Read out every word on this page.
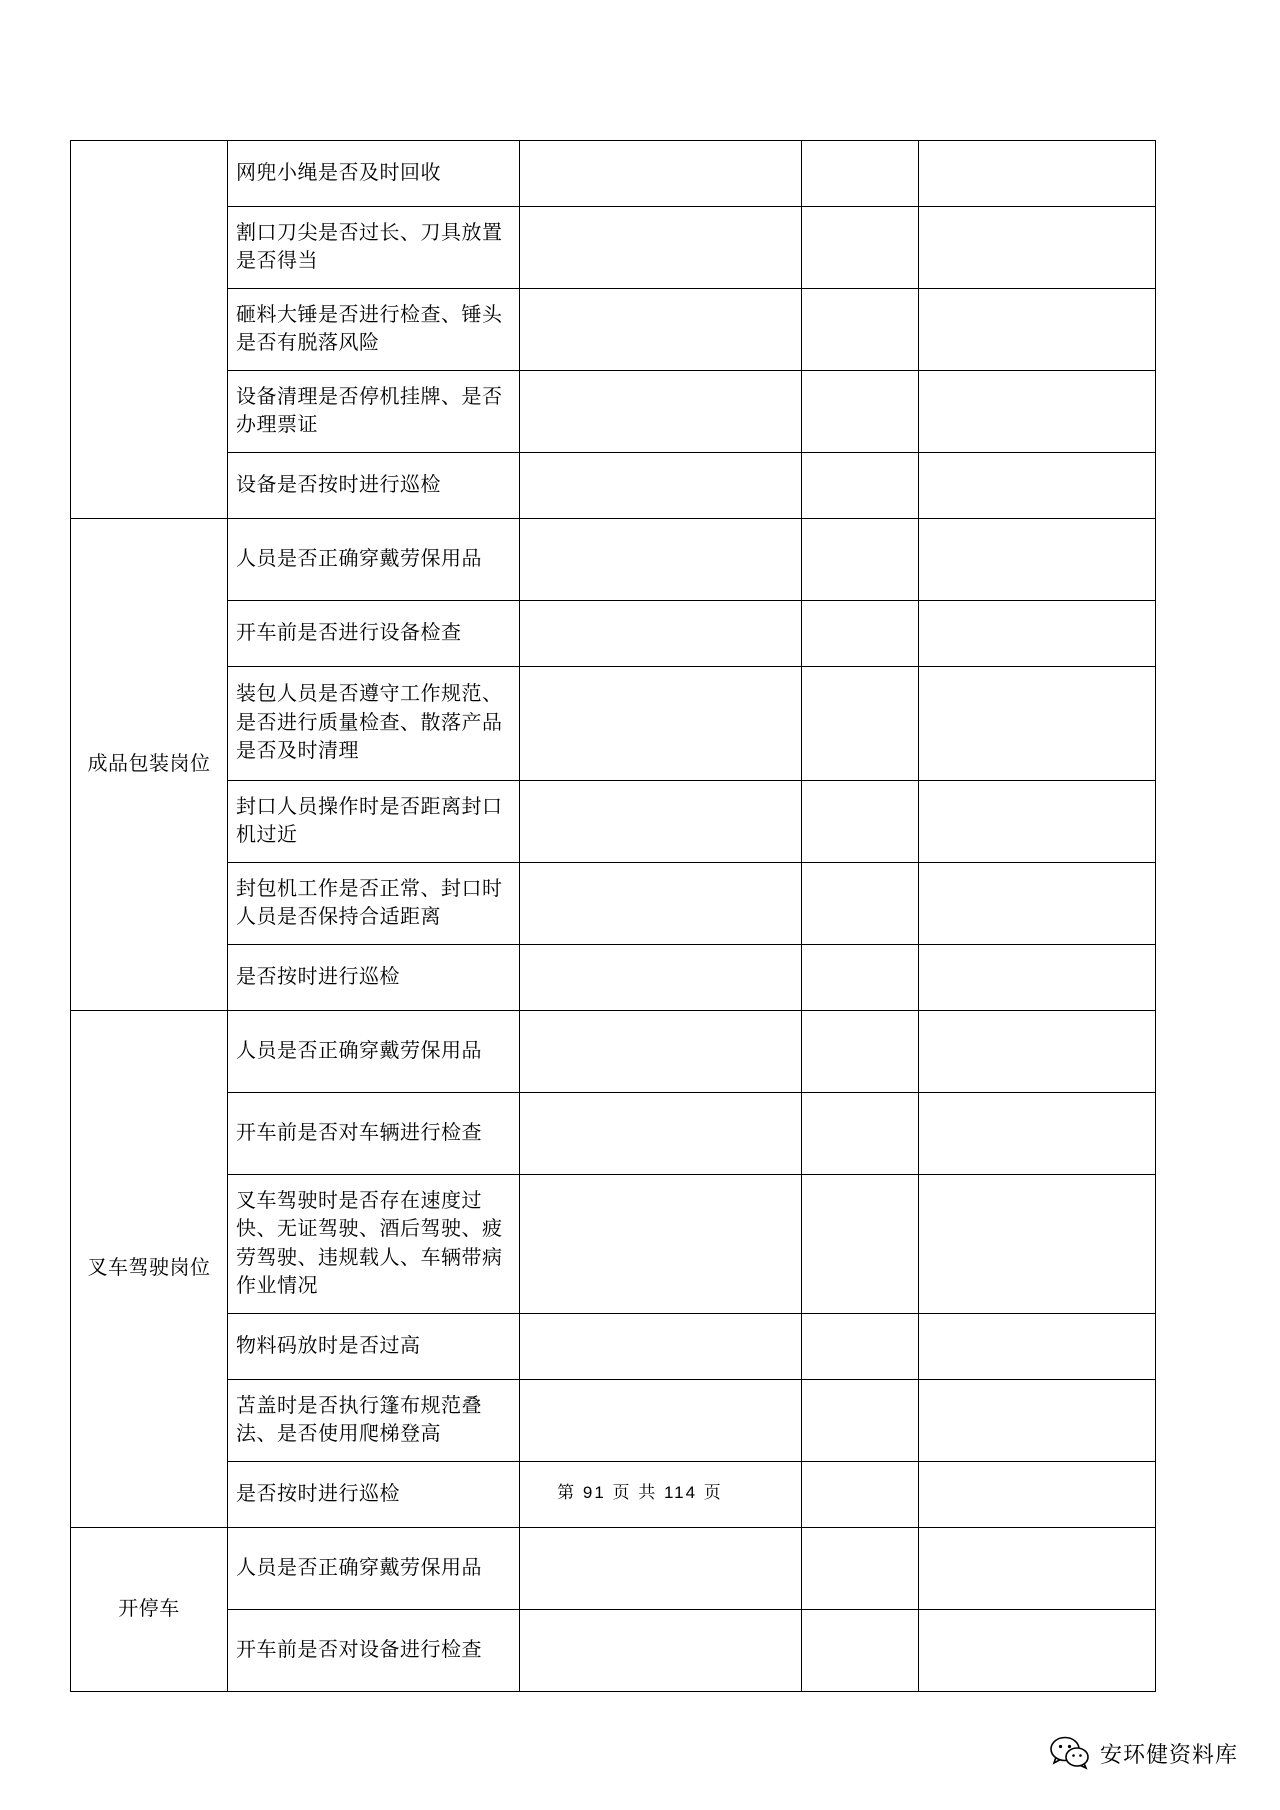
	网兜小绳是否及时回收			
	割口刀尖是否过长、刀具放置是否得当			
	砸料大锤是否进行检查、锤头是否有脱落风险			
	设备清理是否停机挂牌、是否办理票证			
	设备是否按时进行巡检			
成品包装岗位	人员是否正确穿戴劳保用品			
	开车前是否进行设备检查			
	装包人员是否遵守工作规范、是否进行质量检查、散落产品是否及时清理			
	封口人员操作时是否距离封口机过近			
	封包机工作是否正常、封口时人员是否保持合适距离			
	是否按时进行巡检			
叉车驾驶岗位	人员是否正确穿戴劳保用品			
	开车前是否对车辆进行检查			
	叉车驾驶时是否存在速度过快、无证驾驶、酒后驾驶、疲劳驾驶、违规载人、车辆带病作业情况			
	物料码放时是否过高			
	苫盖时是否执行篷布规范叠法、是否使用爬梯登高			
	是否按时进行巡检			
开停车	人员是否正确穿戴劳保用品			
	开车前是否对设备进行检查			
第 91 页 共 114 页
安环健资料库
